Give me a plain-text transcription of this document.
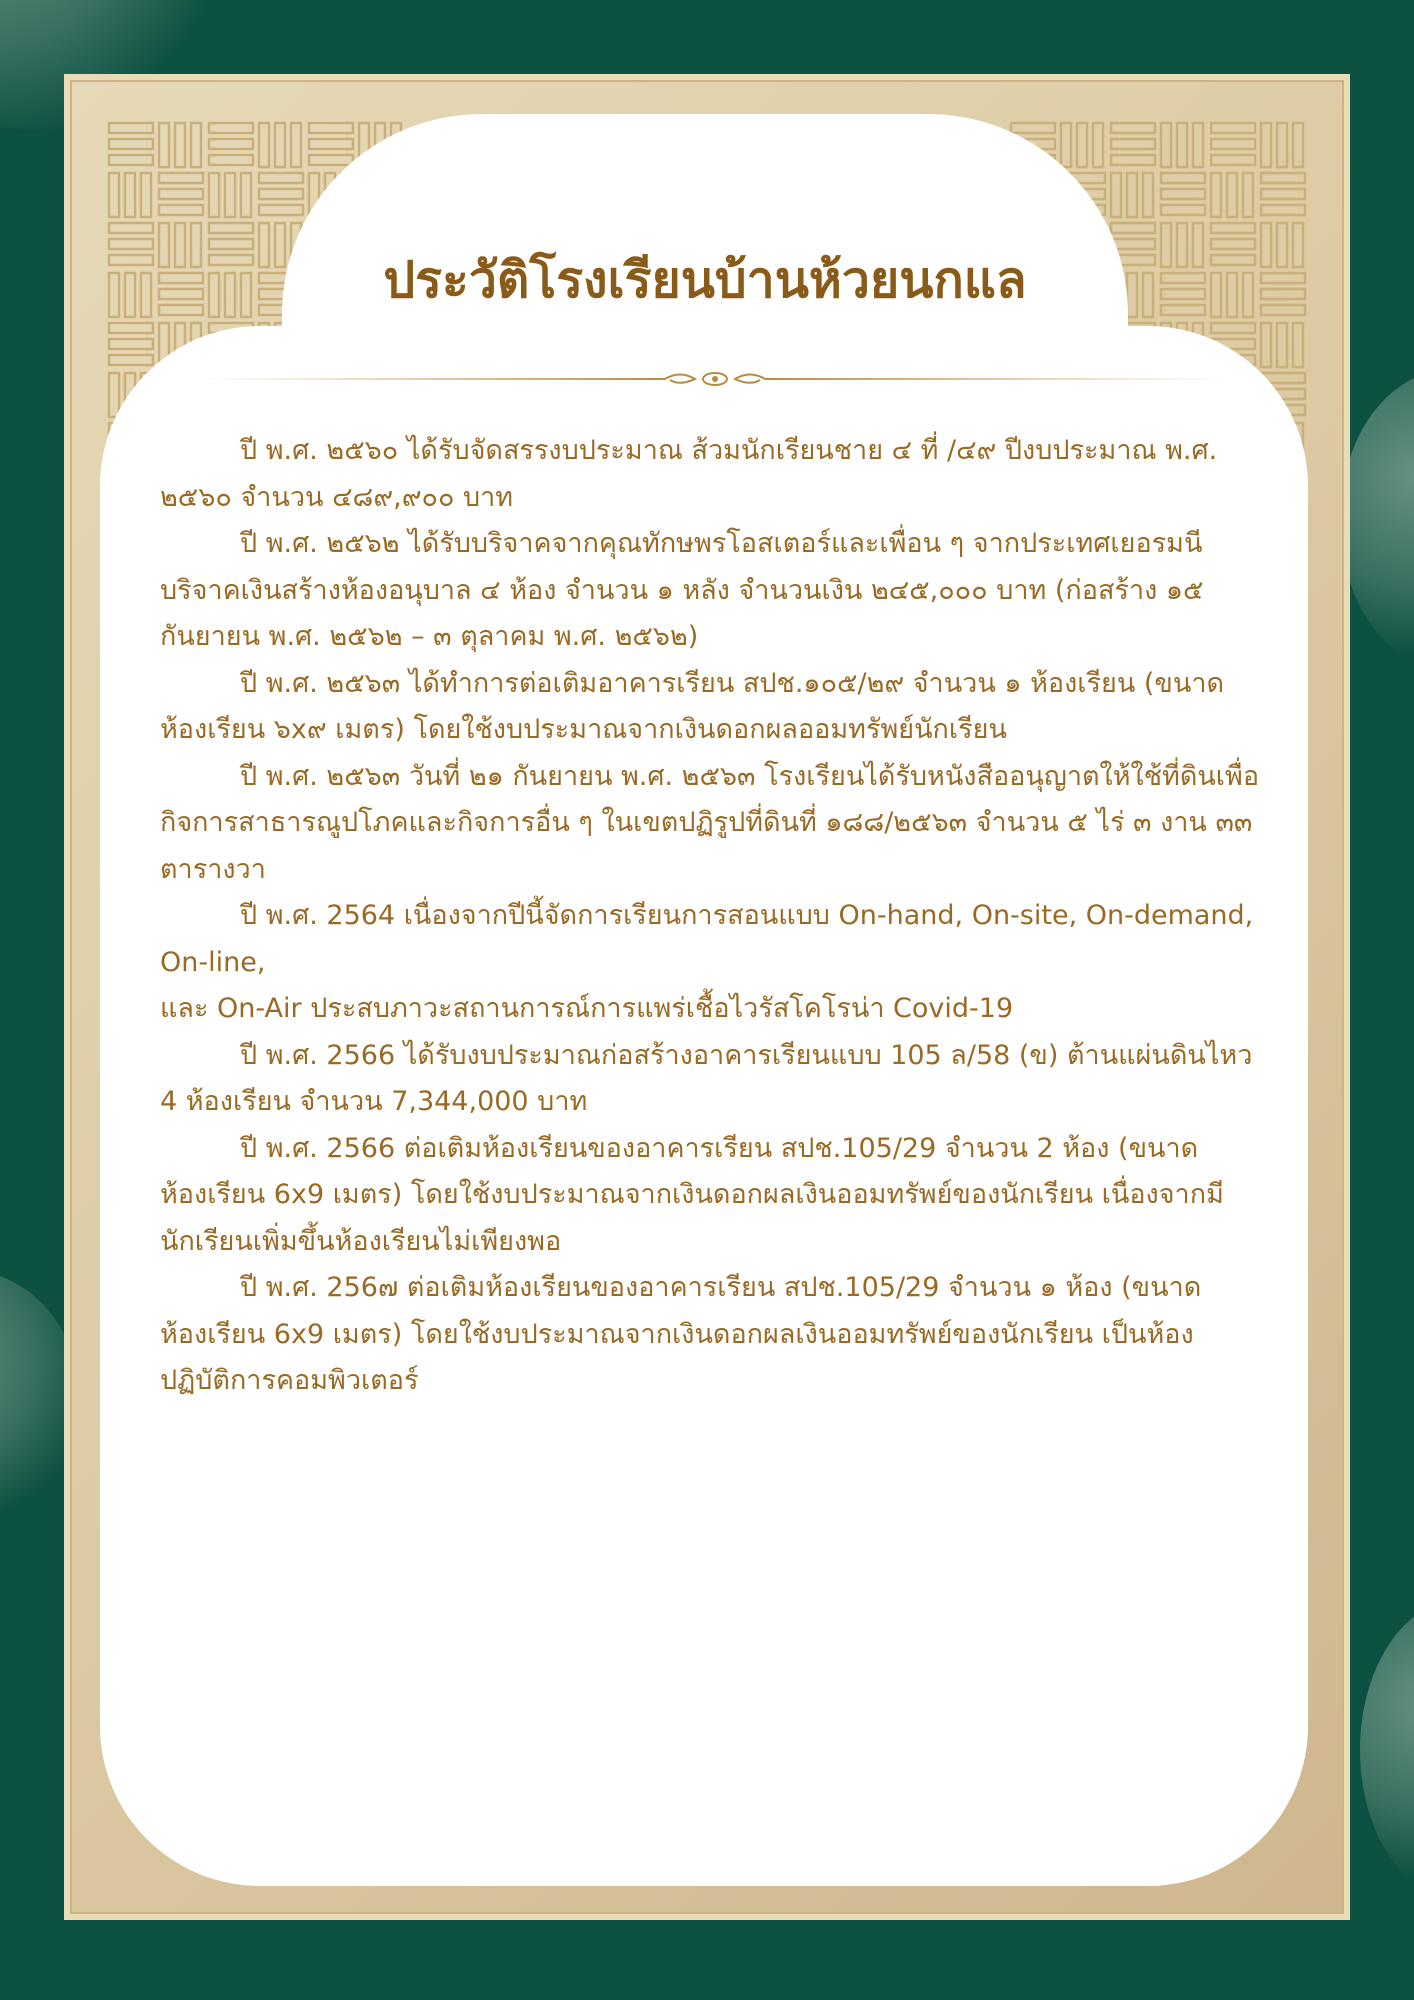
ประวัติโรงเรียนบ้านห้วยนกแล

ปี พ.ศ. ๒๕๖๐ ได้รับจัดสรรงบประมาณ ส้วมนักเรียนชาย ๔ ที่ /๔๙ ปีงบประมาณ พ.ศ. ๒๕๖๐ จำนวน ๔๘๙,๙๐๐ บาท

ปี พ.ศ. ๒๕๖๒ ได้รับบริจาคจากคุณทักษพรโอสเตอร์และเพื่อน ๆ จากประเทศเยอรมนี บริจาคเงินสร้างห้องอนุบาล ๔ ห้อง จำนวน ๑ หลัง จำนวนเงิน ๒๔๕,๐๐๐ บาท (ก่อสร้าง ๑๕ กันยายน พ.ศ. ๒๕๖๒ – ๓ ตุลาคม พ.ศ. ๒๕๖๒)

ปี พ.ศ. ๒๕๖๓ ได้ทำการต่อเติมอาคารเรียน สปช.๑๐๕/๒๙ จำนวน ๑ ห้องเรียน (ขนาดห้องเรียน ๖x๙ เมตร) โดยใช้งบประมาณจากเงินดอกผลออมทรัพย์นักเรียน

ปี พ.ศ. ๒๕๖๓ วันที่ ๒๑ กันยายน พ.ศ. ๒๕๖๓ โรงเรียนได้รับหนังสืออนุญาตให้ใช้ที่ดินเพื่อกิจการสาธารณูปโภคและกิจการอื่น ๆ ในเขตปฏิรูปที่ดินที่ ๑๘๘/๒๕๖๓ จำนวน ๕ ไร่ ๓ งาน ๓๓ ตารางวา

ปี พ.ศ. 2564 เนื่องจากปีนี้จัดการเรียนการสอนแบบ On-hand, On-site, On-demand, On-line,
และ On-Air ประสบภาวะสถานการณ์การแพร่เชื้อไวรัสโคโรน่า Covid-19

ปี พ.ศ. 2566 ได้รับงบประมาณก่อสร้างอาคารเรียนแบบ 105 ล/58 (ข) ต้านแผ่นดินไหว 4 ห้องเรียน จำนวน 7,344,000 บาท

ปี พ.ศ. 2566 ต่อเติมห้องเรียนของอาคารเรียน สปช.105/29 จำนวน 2 ห้อง (ขนาดห้องเรียน 6x9 เมตร) โดยใช้งบประมาณจากเงินดอกผลเงินออมทรัพย์ของนักเรียน เนื่องจากมีนักเรียนเพิ่มขึ้นห้องเรียนไม่เพียงพอ

ปี พ.ศ. 256๗ ต่อเติมห้องเรียนของอาคารเรียน สปช.105/29 จำนวน ๑ ห้อง (ขนาดห้องเรียน 6x9 เมตร) โดยใช้งบประมาณจากเงินดอกผลเงินออมทรัพย์ของนักเรียน เป็นห้องปฏิบัติการคอมพิวเตอร์
